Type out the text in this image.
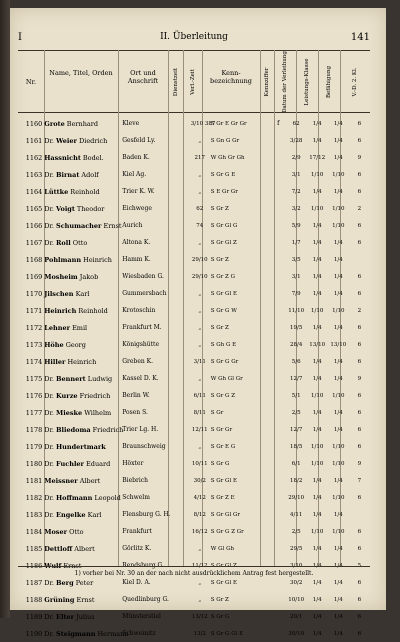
I	II. Überleitung	141
Nr.
Name, Titel, Orden	Ort und Anschrift	Dienstzeit Verl.-Zeit	Kenn-bezeichnung	Kennziffer Datum der Verleihung	Leistungs-Klasse	Befähigung	V.-D. 2. Kl.
1160	Grote Bernhard	Kleve		3/10 387	S Gr E Gr Gr	f	62	1/4	1/4	6
1161	Dr. Weier Diedrich	Gesfeld Ly.		„	S Gn G Gr		3/28	1/4	1/4	6
1162	Hassnicht Bodel.	Baden K.		217	W Gh Gr Gh		2/9	17/12	1/4	9
1163	Dr. Birnat Adolf	Kiel Ag.		„	S Gr G E		3/1	1/10	1/10	6
1164	Lüttke Reinhold	Trier K. W.		„	S E Gr Gr		7/2	1/4	1/4	6
1165	Dr. Voigt Theodor	Eichwege		62	S Gr Z		3/2	1/10	1/10	2
1166	Dr. Schumacher Ernst	Aurich		74	S Gr Gl G		5/9	1/4	1/10	6
1167	Dr. Roll Otto	Altona K.		„	S Gr Gl Z		1/7	1/4	1/4	6
1168	Pohlmann Heinrich	Hamm K.		29/10	S Gr Z		3/5	1/4	1/4	
1169	Mosheim Jakob	Wiesbaden G.		29/10	S Gr Z G		3/1	1/4	1/4	6
1170	Jilschen Karl	Gummersbach		„	S Gr Gl E		7/9	1/4	1/4	6
1171	Heinrich Reinhold	Krotoschin		„	S Gr G W		11/10	1/10	1/10	2
1172	Lehner Emil	Frankfurt M.		„	S Gr Z		19/5	1/4	1/4	6
1173	Höhe Georg	Königshütte		„	S Gh G E		28/4	13/10	13/10	6
1174	Hiller Heinrich	Greben K.		3/11	S Gr G Gr		5/6	1/4	1/4	6
1175	Dr. Bennert Ludwig	Kassel D. K.		„	W Gh Gl Gr		12/7	1/4	1/4	9
1176	Dr. Kurze Friedrich	Berlin W.		6/11	S Gr G Z		5/1	1/10	1/10	6
1177	Dr. Mieske Wilhelm	Posen S.		8/11	S Gr		2/5	1/4	1/4	6
1178	Dr. Bliedoma Friedrich	Trier Lg. H.		12/11	S Gr Gr		12/7	1/4	1/4	6
1179	Dr. Hundertmark	Braunschweig		„	S Gr E G		18/5	1/10	1/10	6
1180	Dr. Fuchler Eduard	Höxter		10/11	S Gr G		6/1	1/10	1/10	9
1181	Meissner Albert	Biebrich		30/2	S Gr Gl E		18/2	1/4	1/4	7
1182	Dr. Hoffmann Leopold	Schwelm		4/12	S Gr Z E		29/10	1/4	1/10	6
1183	Dr. Engelke Karl	Flensburg G. H.		8/12	S Gr Gl Gr		4/11	1/4	1/4	
1184	Moser Otto	Frankfurt		16/12	S Gr G Z Gr		2/5	1/10	1/10	6
1185	Dettloff Albert	Görlitz K.		„	W Gl Gh		29/5	1/4	1/4	6
1186	Wulf Ernst	Rendsburg G.		11/12	S Gr Gl Z		3/10	1/4	1/4	5
1187	Dr. Berg Peter	Kiel D. A.		„	S Gr Gl E		30/2	1/4	1/4	6
1188	Grüning Ernst	Quedlinburg G.		„	S Gr Z		10/10	1/4	1/4	6
1189	Dr. Elter Julius	Münsterstiel		13/12	S Gr G		20/1	1/4	1/4	6
1190	Dr. Steigmann Hermann	Schweinitz		13/2	S Gr G Gl E		30/10	1/4	1/4	6
1) vorher bei Nr. 30 an der nach nicht ausdrücklichem Antrag fest hergestellt.
